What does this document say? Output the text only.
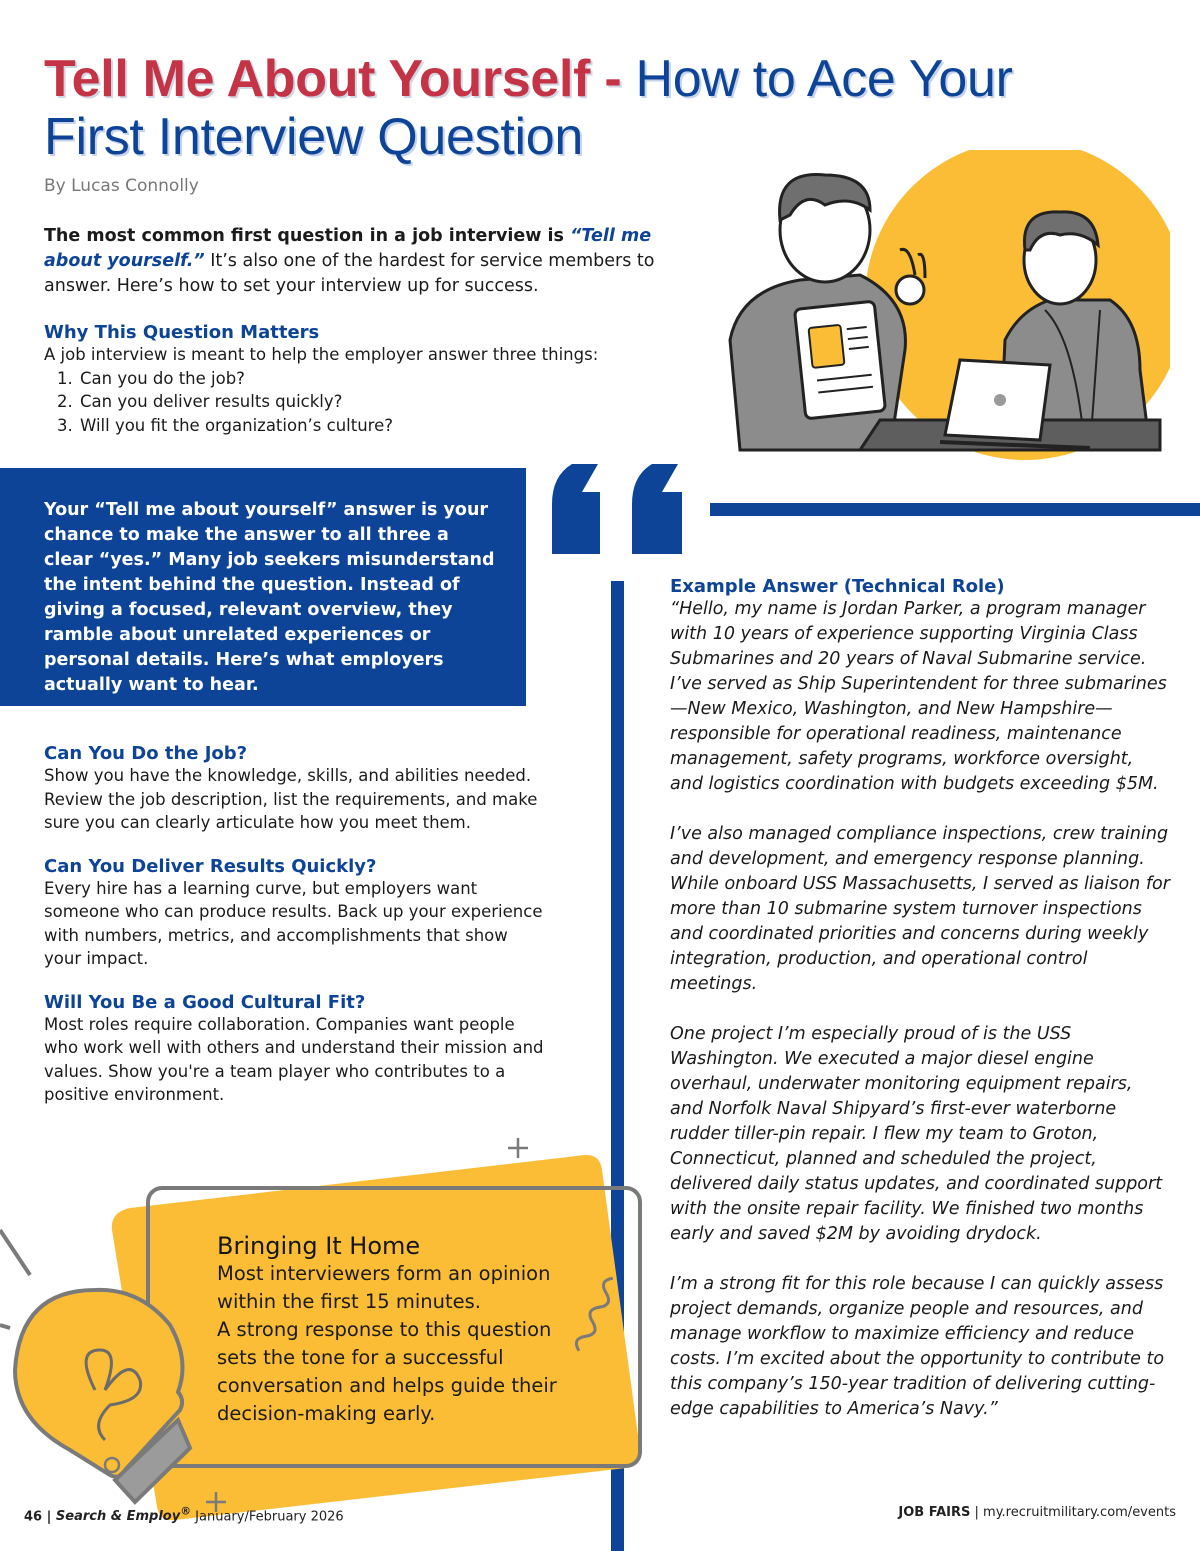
Tell Me About Yourself - How to Ace Your First Interview Question
By Lucas Connolly
The most common first question in a job interview is “Tell me about yourself.” It’s also one of the hardest for service members to answer. Here’s how to set your interview up for success.
Why This Question Matters

A job interview is meant to help the employer answer three things:

1. Can you do the job?
2. Can you deliver results quickly?
3. Will you fit the organization’s culture?
Your “Tell me about yourself” answer is your chance to make the answer to all three a clear “yes.” Many job seekers misunderstand the intent behind the question. Instead of giving a focused, relevant overview, they ramble about unrelated experiences or personal details. Here’s what employers actually want to hear.
Can You Do the Job?

Show you have the knowledge, skills, and abilities needed. Review the job description, list the requirements, and make sure you can clearly articulate how you meet them.

Can You Deliver Results Quickly?

Every hire has a learning curve, but employers want someone who can produce results. Back up your experience with numbers, metrics, and accomplishments that show your impact.

Will You Be a Good Cultural Fit?

Most roles require collaboration. Companies want people who work well with others and understand their mission and values. Show you're a team player who contributes to a positive environment.

Example Answer (Technical Role)

“Hello, my name is Jordan Parker, a program manager with 10 years of experience supporting Virginia Class Submarines and 20 years of Naval Submarine service. I’ve served as Ship Superintendent for three submarines—New Mexico, Washington, and New Hampshire—responsible for operational readiness, maintenance management, safety programs, workforce oversight, and logistics coordination with budgets exceeding $5M.

I’ve also managed compliance inspections, crew training and development, and emergency response planning. While onboard USS Massachusetts, I served as liaison for more than 10 submarine system turnover inspections and coordinated priorities and concerns during weekly integration, production, and operational control meetings.

One project I’m especially proud of is the USS Washington. We executed a major diesel engine overhaul, underwater monitoring equipment repairs, and Norfolk Naval Shipyard’s first-ever waterborne rudder tiller-pin repair. I flew my team to Groton, Connecticut, planned and scheduled the project, delivered daily status updates, and coordinated support with the onsite repair facility. We finished two months early and saved $2M by avoiding drydock.

I’m a strong fit for this role because I can quickly assess project demands, organize people and resources, and manage workflow to maximize efficiency and reduce costs. I’m excited about the opportunity to contribute to this company’s 150-year tradition of delivering cutting-edge capabilities to America’s Navy.”

Bringing It Home

Most interviewers form an opinion within the first 15 minutes.

A strong response to this question sets the tone for a successful conversation and helps guide their decision-making early.

46 | Search & Employ® January/February 2026	JOB FAIRS | my.recruitmilitary.com/events
